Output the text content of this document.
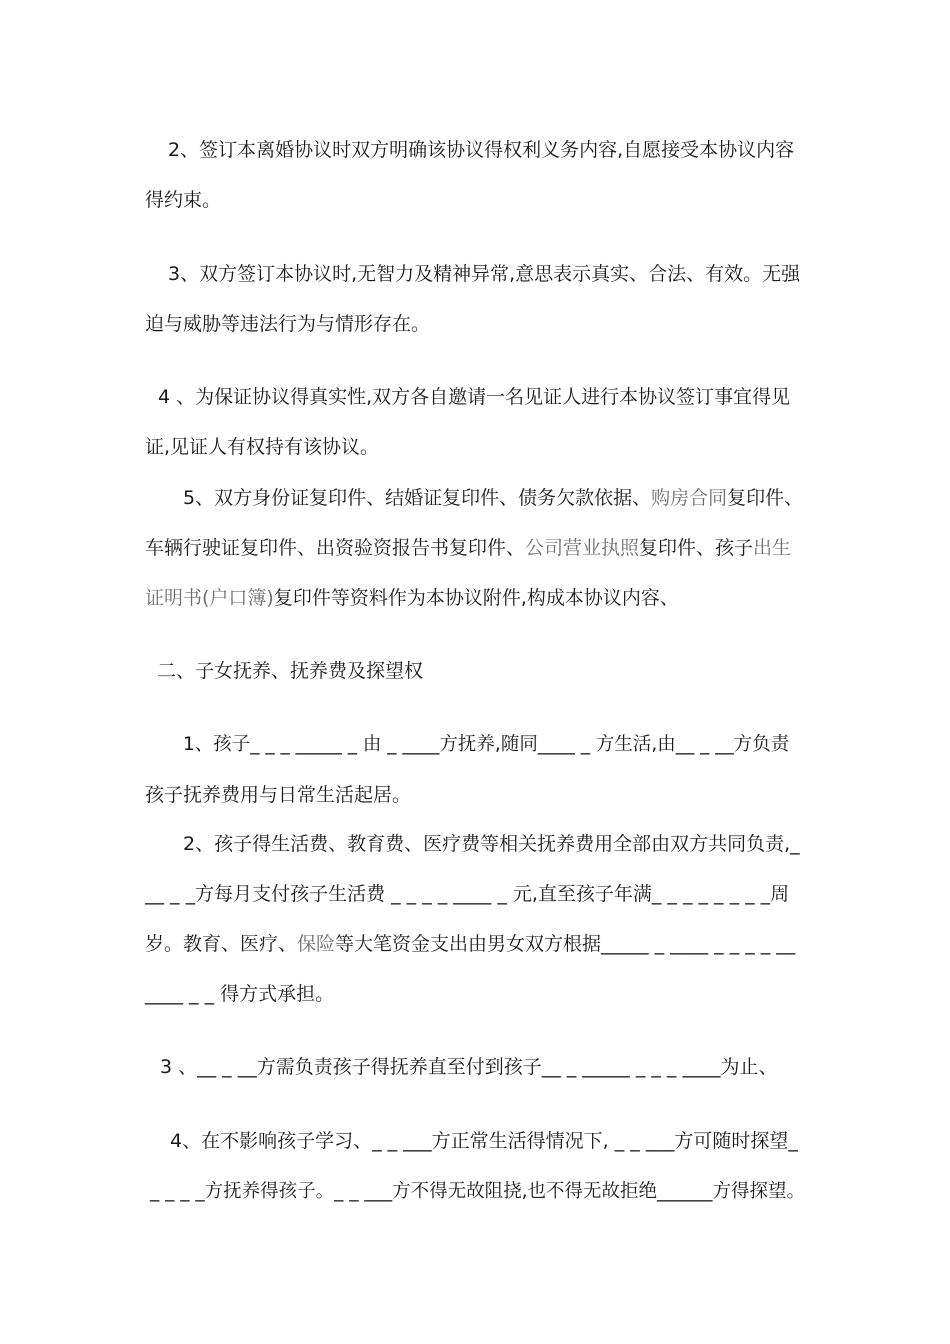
2、签订本离婚协议时双方明确该协议得权利义务内容,自愿接受本协议内容
得约束。
3、双方签订本协议时,无智力及精神异常,意思表示真实、合法、有效。无强
迫与威胁等违法行为与情形存在。
4 、为保证协议得真实性,双方各自邀请一名见证人进行本协议签订事宜得见
证,见证人有权持有该协议。
5、双方身份证复印件、结婚证复印件、债务欠款依据、购房合同复印件、
车辆行驶证复印件、出资验资报告书复印件、公司营业执照复印件、孩子出生
证明书(户口簿)复印件等资料作为本协议附件,构成本协议内容、
二、子女抚养、抚养费及探望权
1、孩子_ _ _ _____ _ 由 _ ____方抚养,随同____ _ 方生活,由__ _ __方负责
孩子抚养费用与日常生活起居。
2、孩子得生活费、教育费、医疗费等相关抚养费用全部由双方共同负责,_
__ _ _方每月支付孩子生活费 _ _ _ _ ____ _ 元,直至孩子年满_ _ _ _ _ _ _ _周
岁。教育、医疗、保险等大笔资金支出由男女双方根据_____ _ ____ _ _ _ _ __
____ _ _ 得方式承担。
3 、__ _ __方需负责孩子得抚养直至付到孩子__ _ _____ _ _ _ ____为止、
4、在不影响孩子学习、_ _ ___方正常生活得情况下, _ _ ___方可随时探望_
_ _ _ _方抚养得孩子。_ _ ___方不得无故阻挠,也不得无故拒绝______方得探望。
